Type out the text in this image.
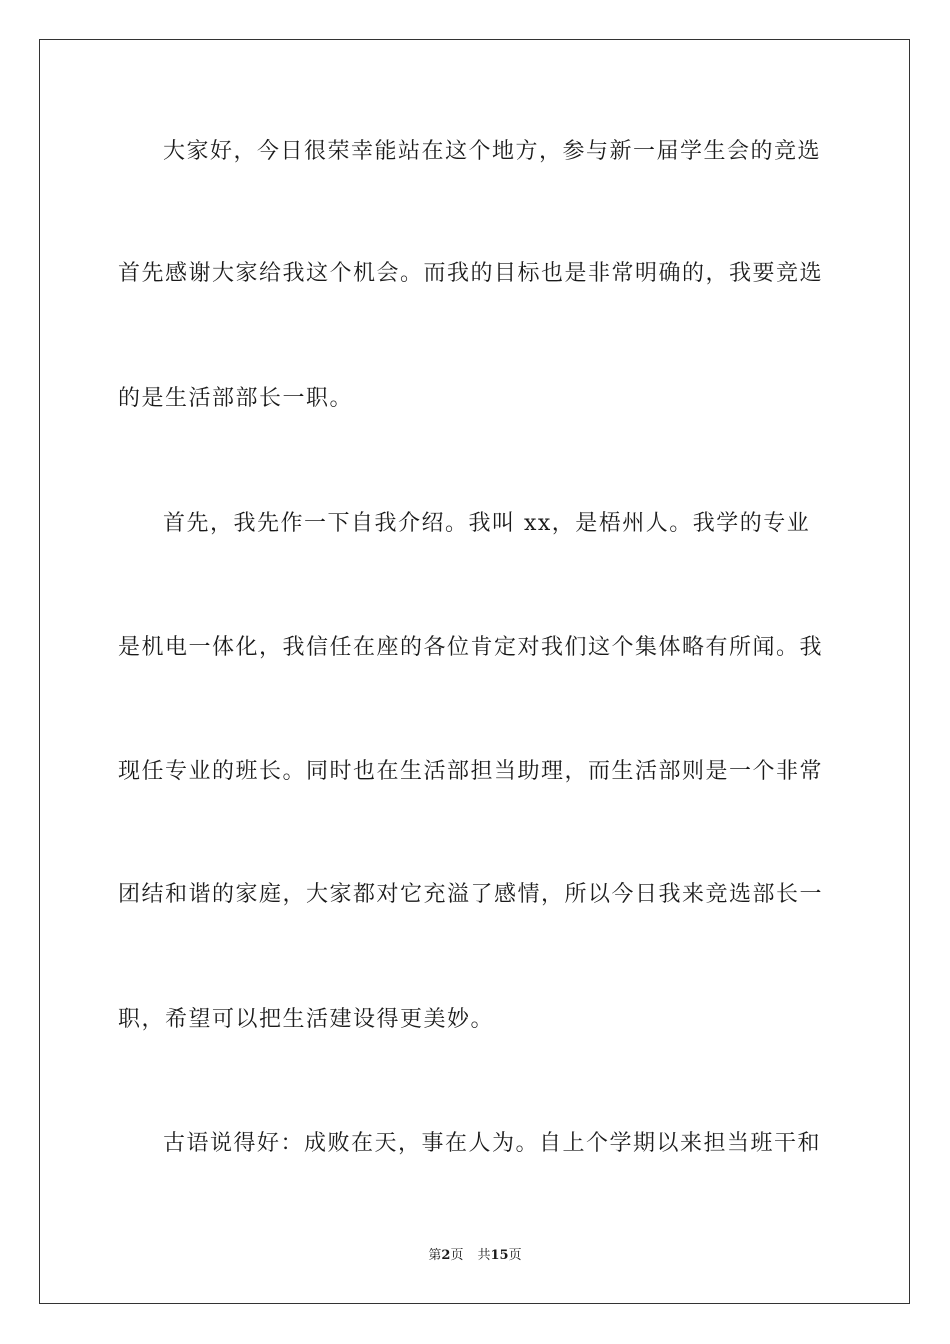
大家好，今日很荣幸能站在这个地方，参与新一届学生会的竞选
首先感谢大家给我这个机会。而我的目标也是非常明确的，我要竞选
的是生活部部长一职。
首先，我先作一下自我介绍。我叫 xx，是梧州人。我学的专业
是机电一体化，我信任在座的各位肯定对我们这个集体略有所闻。我
现任专业的班长。同时也在生活部担当助理，而生活部则是一个非常
团结和谐的家庭，大家都对它充溢了感情，所以今日我来竞选部长一
职，希望可以把生活建设得更美妙。
古语说得好：成败在天，事在人为。自上个学期以来担当班干和
第2页 共15页
